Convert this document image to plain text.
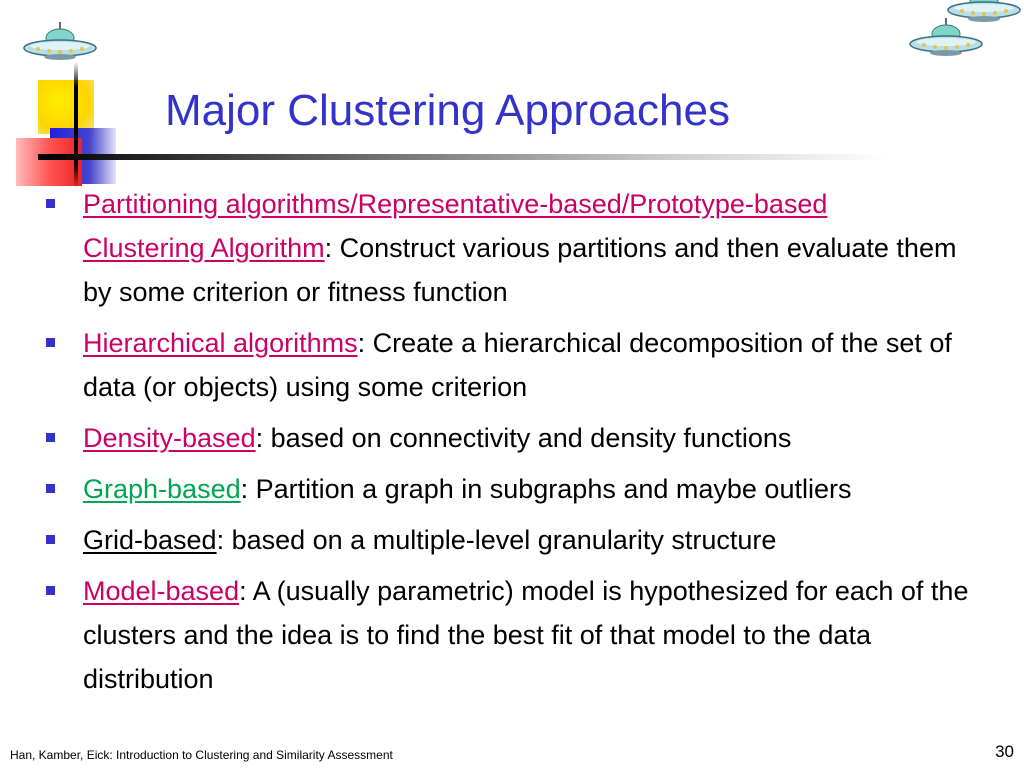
Major Clustering Approaches
Partitioning algorithms/Representative-based/Prototype-based
Clustering Algorithm: Construct various partitions and then evaluate them by some criterion or fitness function
Hierarchical algorithms: Create a hierarchical decomposition of the set of data (or objects) using some criterion
Density-based: based on connectivity and density functions
Graph-based: Partition a graph in subgraphs and maybe outliers
Grid-based: based on a multiple-level granularity structure
Model-based: A (usually parametric) model is hypothesized for each of the clusters and the idea is to find the best fit of that model to the data distribution
Han, Kamber, Eick: Introduction to Clustering and Similarity Assessment	30
